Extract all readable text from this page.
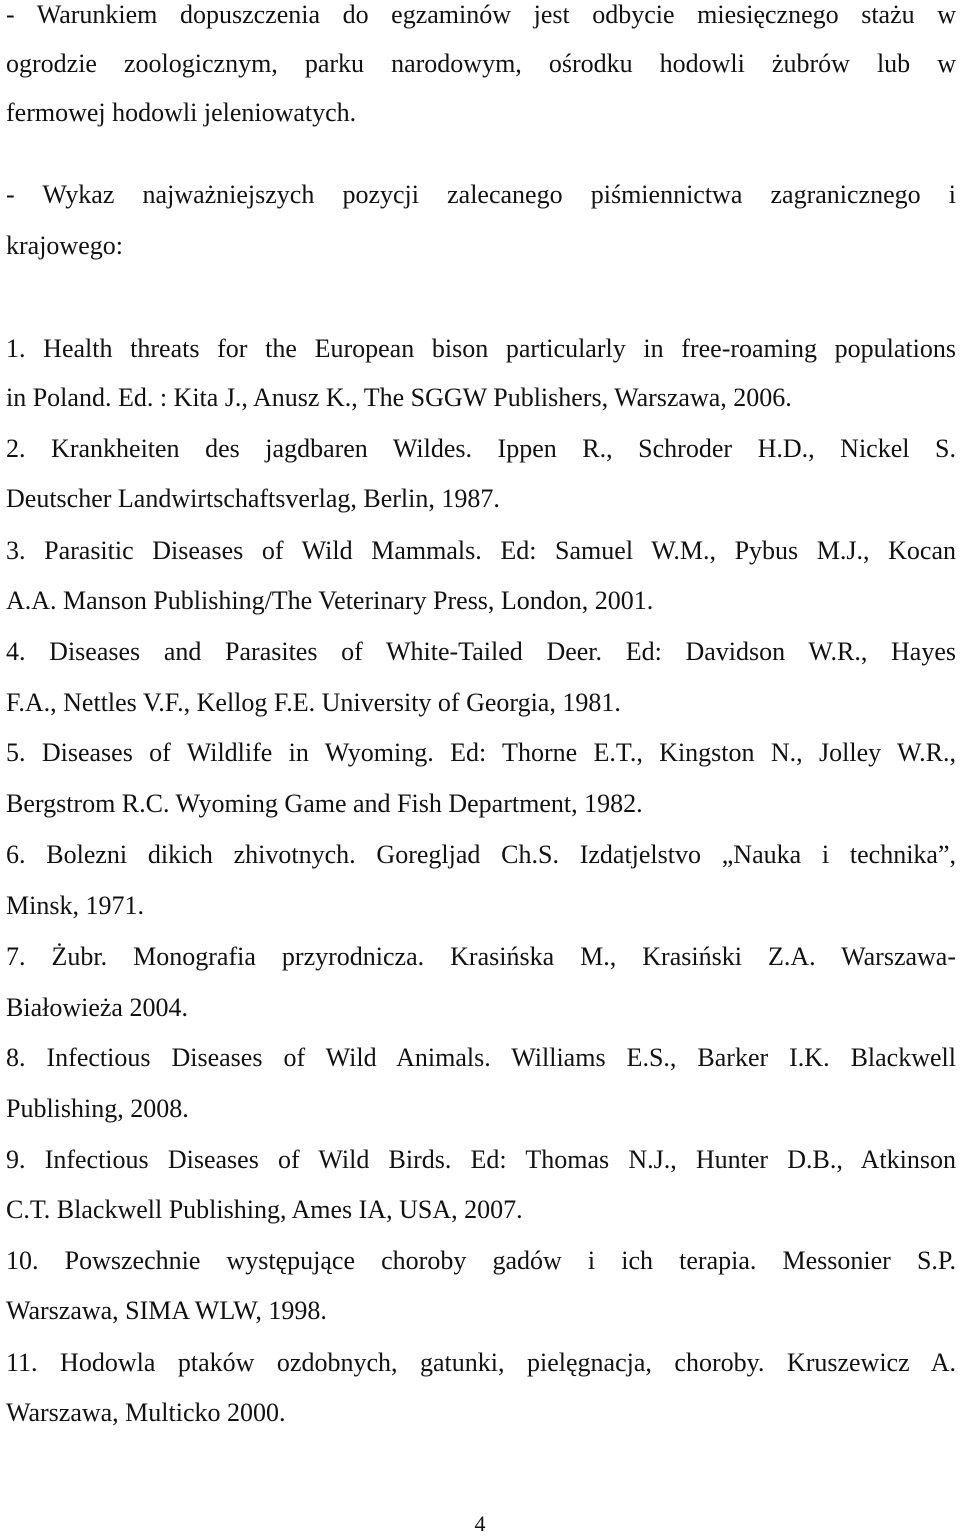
- Warunkiem dopuszczenia do egzaminów jest odbycie miesięcznego stażu w
ogrodzie zoologicznym, parku narodowym, ośrodku hodowli żubrów lub w
fermowej hodowli jeleniowatych.
- Wykaz najważniejszych pozycji zalecanego piśmiennictwa zagranicznego i
krajowego:
1. Health threats for the European bison particularly in free-roaming populations
in Poland. Ed. : Kita J., Anusz K., The SGGW Publishers, Warszawa, 2006.
2. Krankheiten des jagdbaren Wildes. Ippen R., Schroder H.D., Nickel S.
Deutscher Landwirtschaftsverlag, Berlin, 1987.
3. Parasitic Diseases of Wild Mammals. Ed: Samuel W.M., Pybus M.J., Kocan
A.A. Manson Publishing/The Veterinary Press, London, 2001.
4. Diseases and Parasites of White-Tailed Deer. Ed: Davidson W.R., Hayes
F.A., Nettles V.F., Kellog F.E. University of Georgia, 1981.
5. Diseases of Wildlife in Wyoming. Ed: Thorne E.T., Kingston N., Jolley W.R.,
Bergstrom R.C. Wyoming Game and Fish Department, 1982.
6. Bolezni dikich zhivotnych. Goregljad Ch.S. Izdatjelstvo „Nauka i technika”,
Minsk, 1971.
7. Żubr. Monografia przyrodnicza. Krasińska M., Krasiński Z.A. Warszawa-
Białowieża 2004.
8. Infectious Diseases of Wild Animals. Williams E.S., Barker I.K. Blackwell
Publishing, 2008.
9. Infectious Diseases of Wild Birds. Ed: Thomas N.J., Hunter D.B., Atkinson
C.T. Blackwell Publishing, Ames IA, USA, 2007.
10. Powszechnie występujące choroby gadów i ich terapia. Messonier S.P.
Warszawa, SIMA WLW, 1998.
11. Hodowla ptaków ozdobnych, gatunki, pielęgnacja, choroby. Kruszewicz A.
Warszawa, Multicko 2000.
4
